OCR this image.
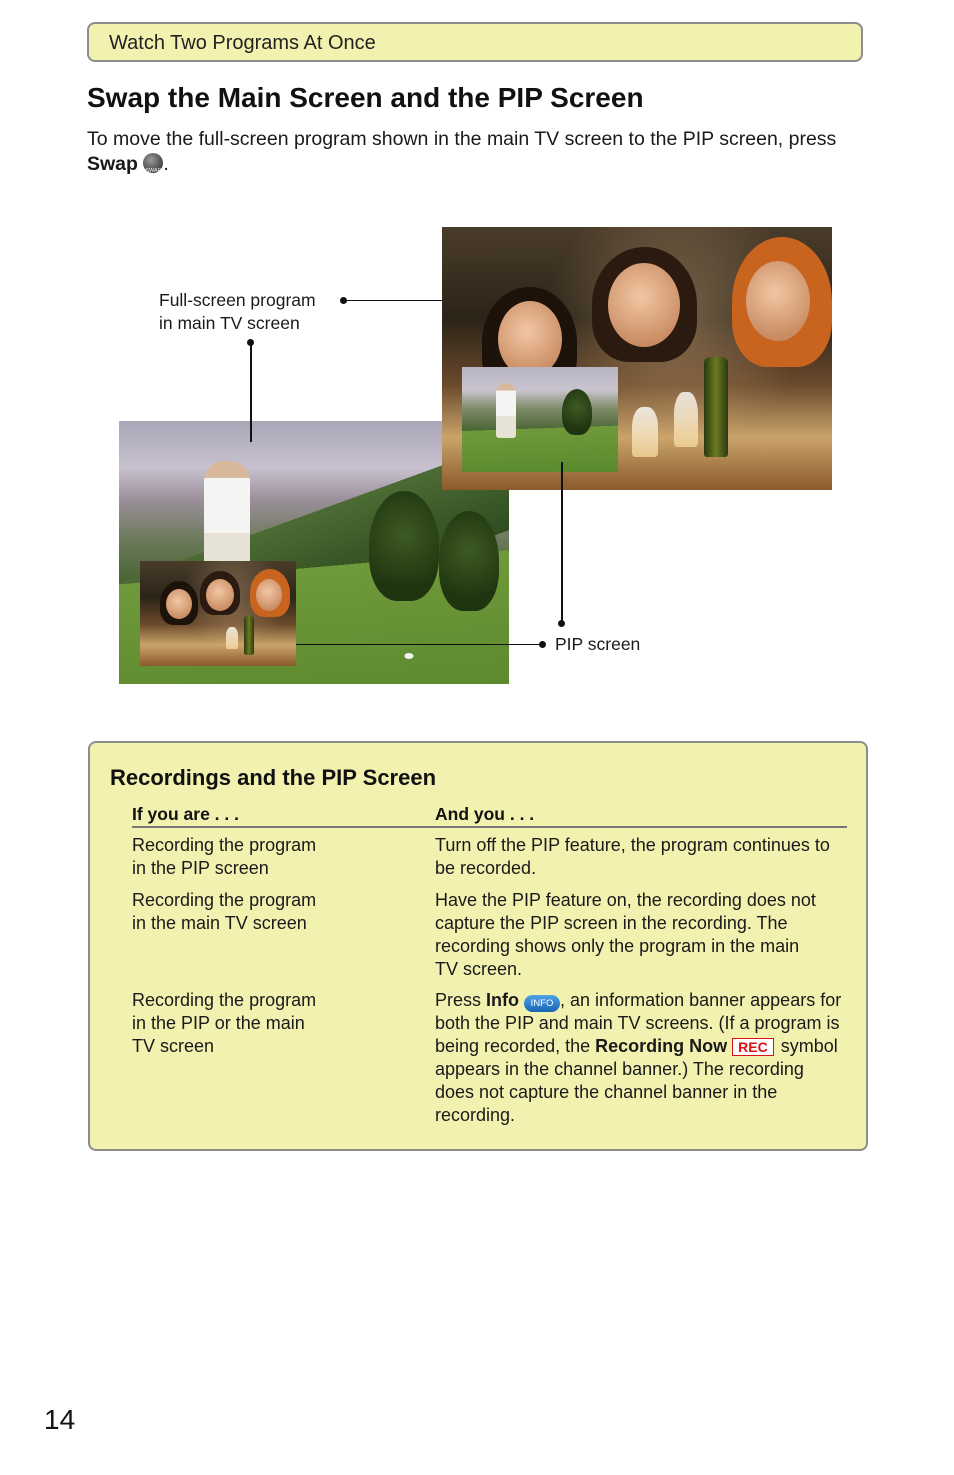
Watch Two Programs At Once
Swap the Main Screen and the PIP Screen
To move the full-screen program shown in the main TV screen to the PIP screen, press Swap	SWAP .
Full-screen program
in main TV screen
PIP screen
Recordings and the PIP Screen
If you are . . .	And you . . .
Recording the program
in the PIP screen
Turn off the PIP feature, the program continues to be recorded.
Recording the program
in the main TV screen
Have the PIP feature on, the recording does not capture the PIP screen in the recording. The recording shows only the program in the main TV screen.
Recording the program
in the PIP or the main
TV screen
Press Info INFO , an information banner appears for both the PIP and main TV screens. (If a program is being recorded, the Recording Now REC symbol appears in the channel banner.) The recording does not capture the channel banner in the recording.
14
